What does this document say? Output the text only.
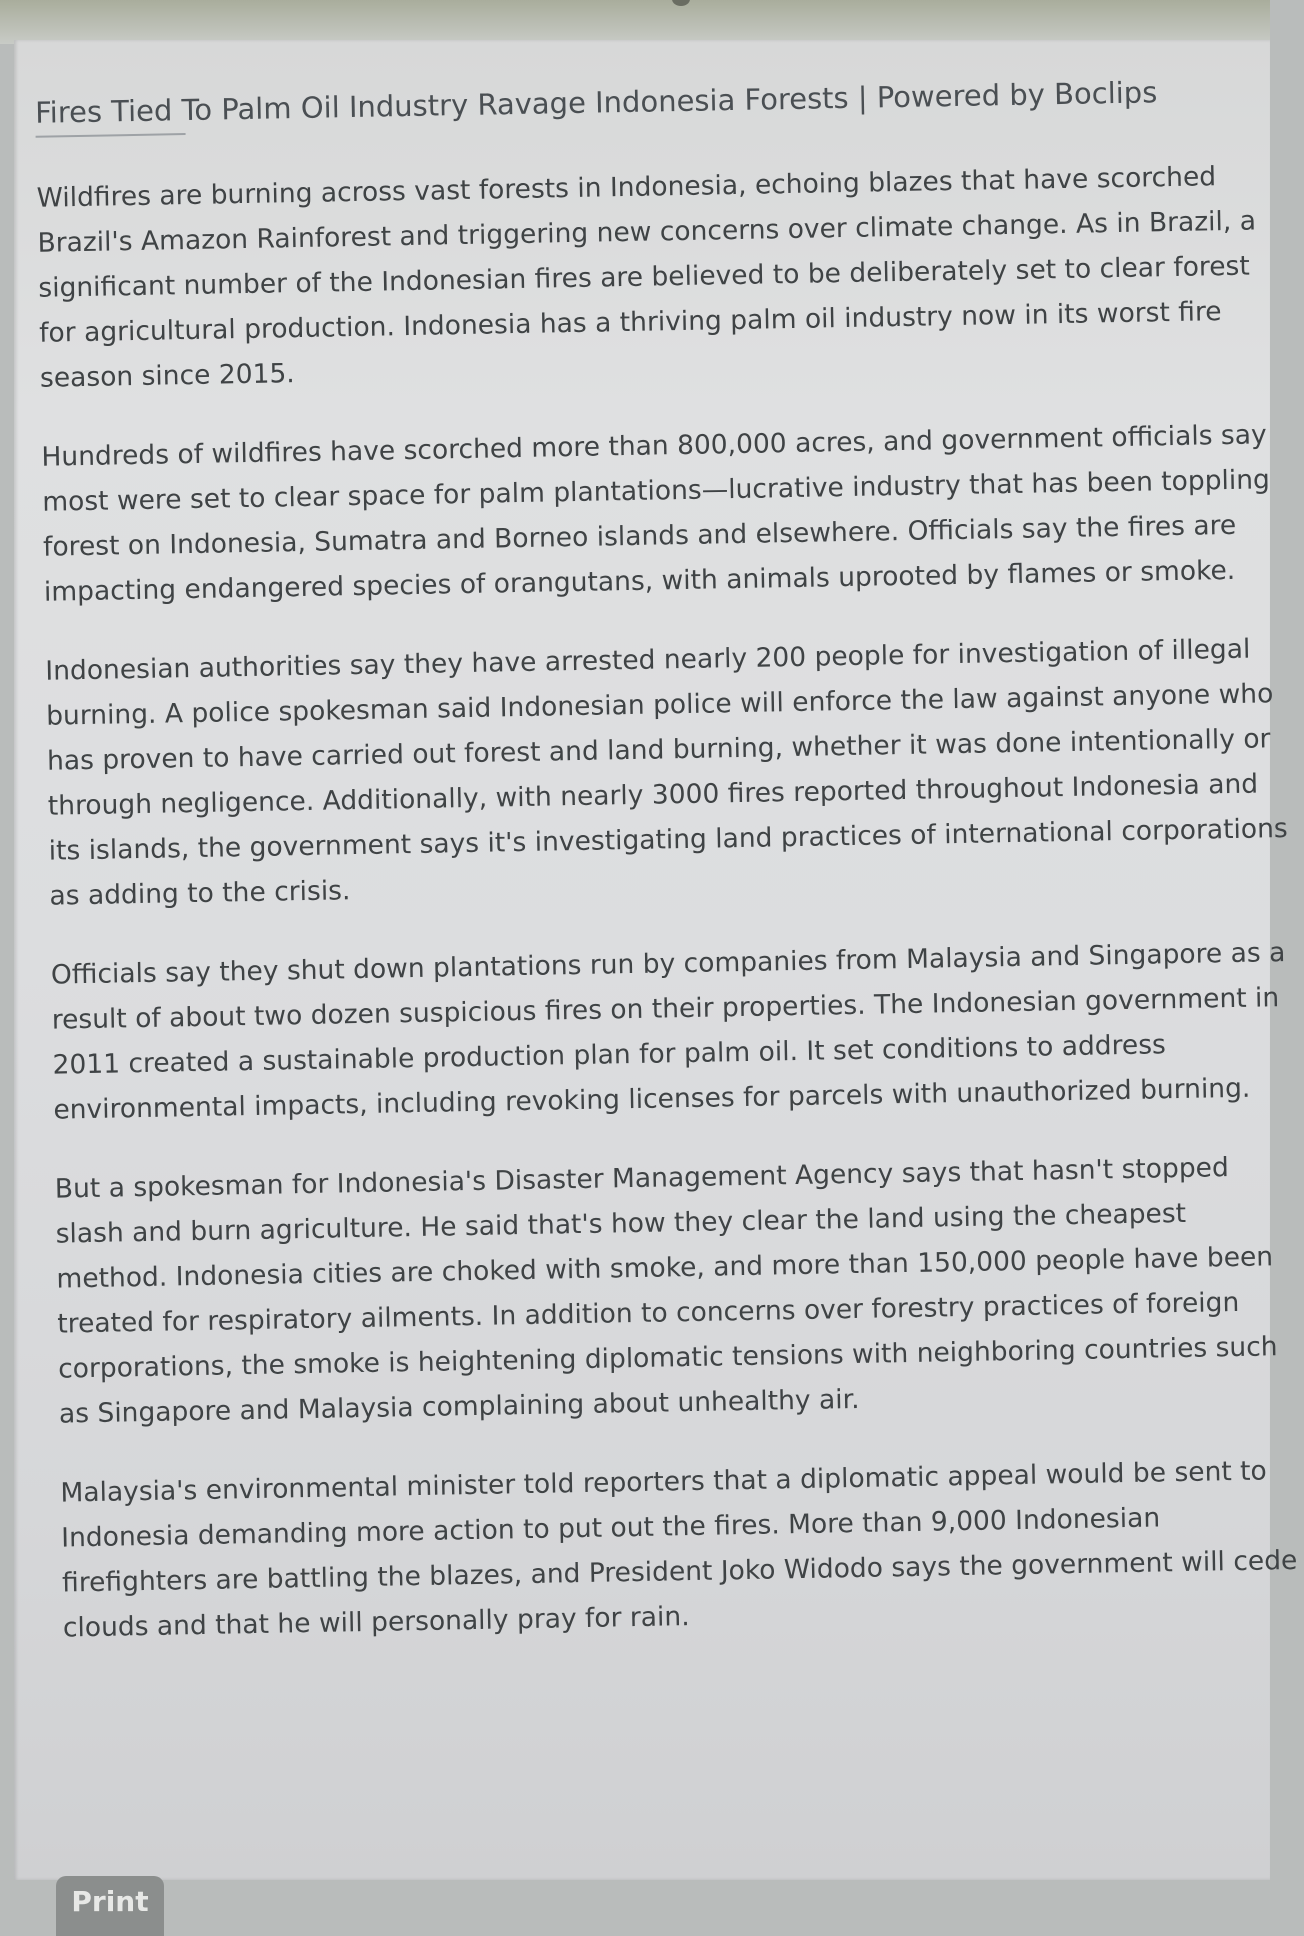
Fires Tied To Palm Oil Industry Ravage Indonesia Forests | Powered by Boclips

Wildfires are burning across vast forests in Indonesia, echoing blazes that have scorched Brazil's Amazon Rainforest and triggering new concerns over climate change. As in Brazil, a significant number of the Indonesian fires are believed to be deliberately set to clear forest for agricultural production. Indonesia has a thriving palm oil industry now in its worst fire season since 2015.

Hundreds of wildfires have scorched more than 800,000 acres, and government officials say most were set to clear space for palm plantations—lucrative industry that has been toppling forest on Indonesia, Sumatra and Borneo islands and elsewhere. Officials say the fires are impacting endangered species of orangutans, with animals uprooted by flames or smoke.

Indonesian authorities say they have arrested nearly 200 people for investigation of illegal burning. A police spokesman said Indonesian police will enforce the law against anyone who has proven to have carried out forest and land burning, whether it was done intentionally or through negligence. Additionally, with nearly 3000 fires reported throughout Indonesia and its islands, the government says it's investigating land practices of international corporations as adding to the crisis.

Officials say they shut down plantations run by companies from Malaysia and Singapore as a result of about two dozen suspicious fires on their properties. The Indonesian government in 2011 created a sustainable production plan for palm oil. It set conditions to address environmental impacts, including revoking licenses for parcels with unauthorized burning.

But a spokesman for Indonesia's Disaster Management Agency says that hasn't stopped slash and burn agriculture. He said that's how they clear the land using the cheapest method. Indonesia cities are choked with smoke, and more than 150,000 people have been treated for respiratory ailments. In addition to concerns over forestry practices of foreign corporations, the smoke is heightening diplomatic tensions with neighboring countries such as Singapore and Malaysia complaining about unhealthy air.

Malaysia's environmental minister told reporters that a diplomatic appeal would be sent to Indonesia demanding more action to put out the fires. More than 9,000 Indonesian firefighters are battling the blazes, and President Joko Widodo says the government will cede clouds and that he will personally pray for rain.

Print
